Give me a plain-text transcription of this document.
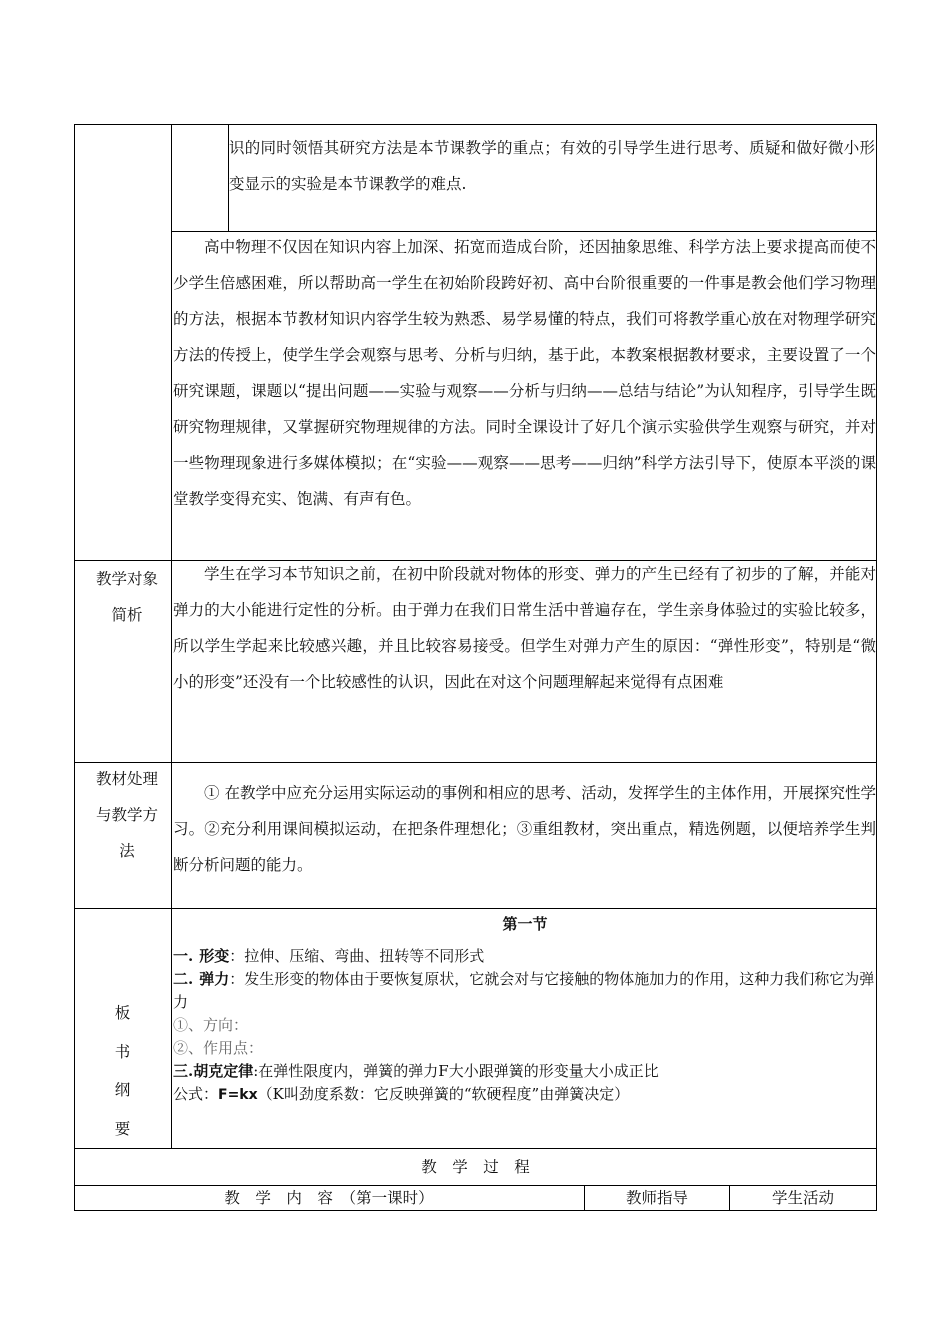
识的同时领悟其研究方法是本节课教学的重点；有效的引导学生进行思考、质疑和做好微小形变显示的实验是本节课教学的难点.

高中物理不仅因在知识内容上加深、拓宽而造成台阶，还因抽象思维、科学方法上要求提高而使不少学生倍感困难，所以帮助高一学生在初始阶段跨好初、高中台阶很重要的一件事是教会他们学习物理的方法，根据本节教材知识内容学生较为熟悉、易学易懂的特点，我们可将教学重心放在对物理学研究方法的传授上，使学生学会观察与思考、分析与归纳，基于此，本教案根据教材要求，主要设置了一个研究课题，课题以“提出问题——实验与观察——分析与归纳——总结与结论”为认知程序，引导学生既研究物理规律，又掌握研究物理规律的方法。同时全课设计了好几个演示实验供学生观察与研究，并对一些物理现象进行多媒体模拟；在“实验——观察——思考——归纳”科学方法引导下，使原本平淡的课堂教学变得充实、饱满、有声有色。

教学对象简析

学生在学习本节知识之前，在初中阶段就对物体的形变、弹力的产生已经有了初步的了解，并能对弹力的大小能进行定性的分析。由于弹力在我们日常生活中普遍存在，学生亲身体验过的实验比较多，所以学生学起来比较感兴趣，并且比较容易接受。但学生对弹力产生的原因：“弹性形变”，特别是“微小的形变”还没有一个比较感性的认识，因此在对这个问题理解起来觉得有点困难

教材处理与教学方法

① 在教学中应充分运用实际运动的事例和相应的思考、活动，发挥学生的主体作用，开展探究性学习。②充分利用课间模拟运动，在把条件理想化；③重组教材，突出重点，精选例题，以便培养学生判断分析问题的能力。

板
书
纲
要
第一节
一. 形变：拉伸、压缩、弯曲、扭转等不同形式
二. 弹力：发生形变的物体由于要恢复原状，它就会对与它接触的物体施加力的作用，这种力我们称它为弹力
①、方向：
②、作用点：
三.胡克定律:在弹性限度内，弹簧的弹力F大小跟弹簧的形变量大小成正比
公式：F=kx（K叫劲度系数：它反映弹簧的“软硬程度”由弹簧决定）
教　学　过　程
教　学　内　容　（第一课时）	教师指导	学生活动
